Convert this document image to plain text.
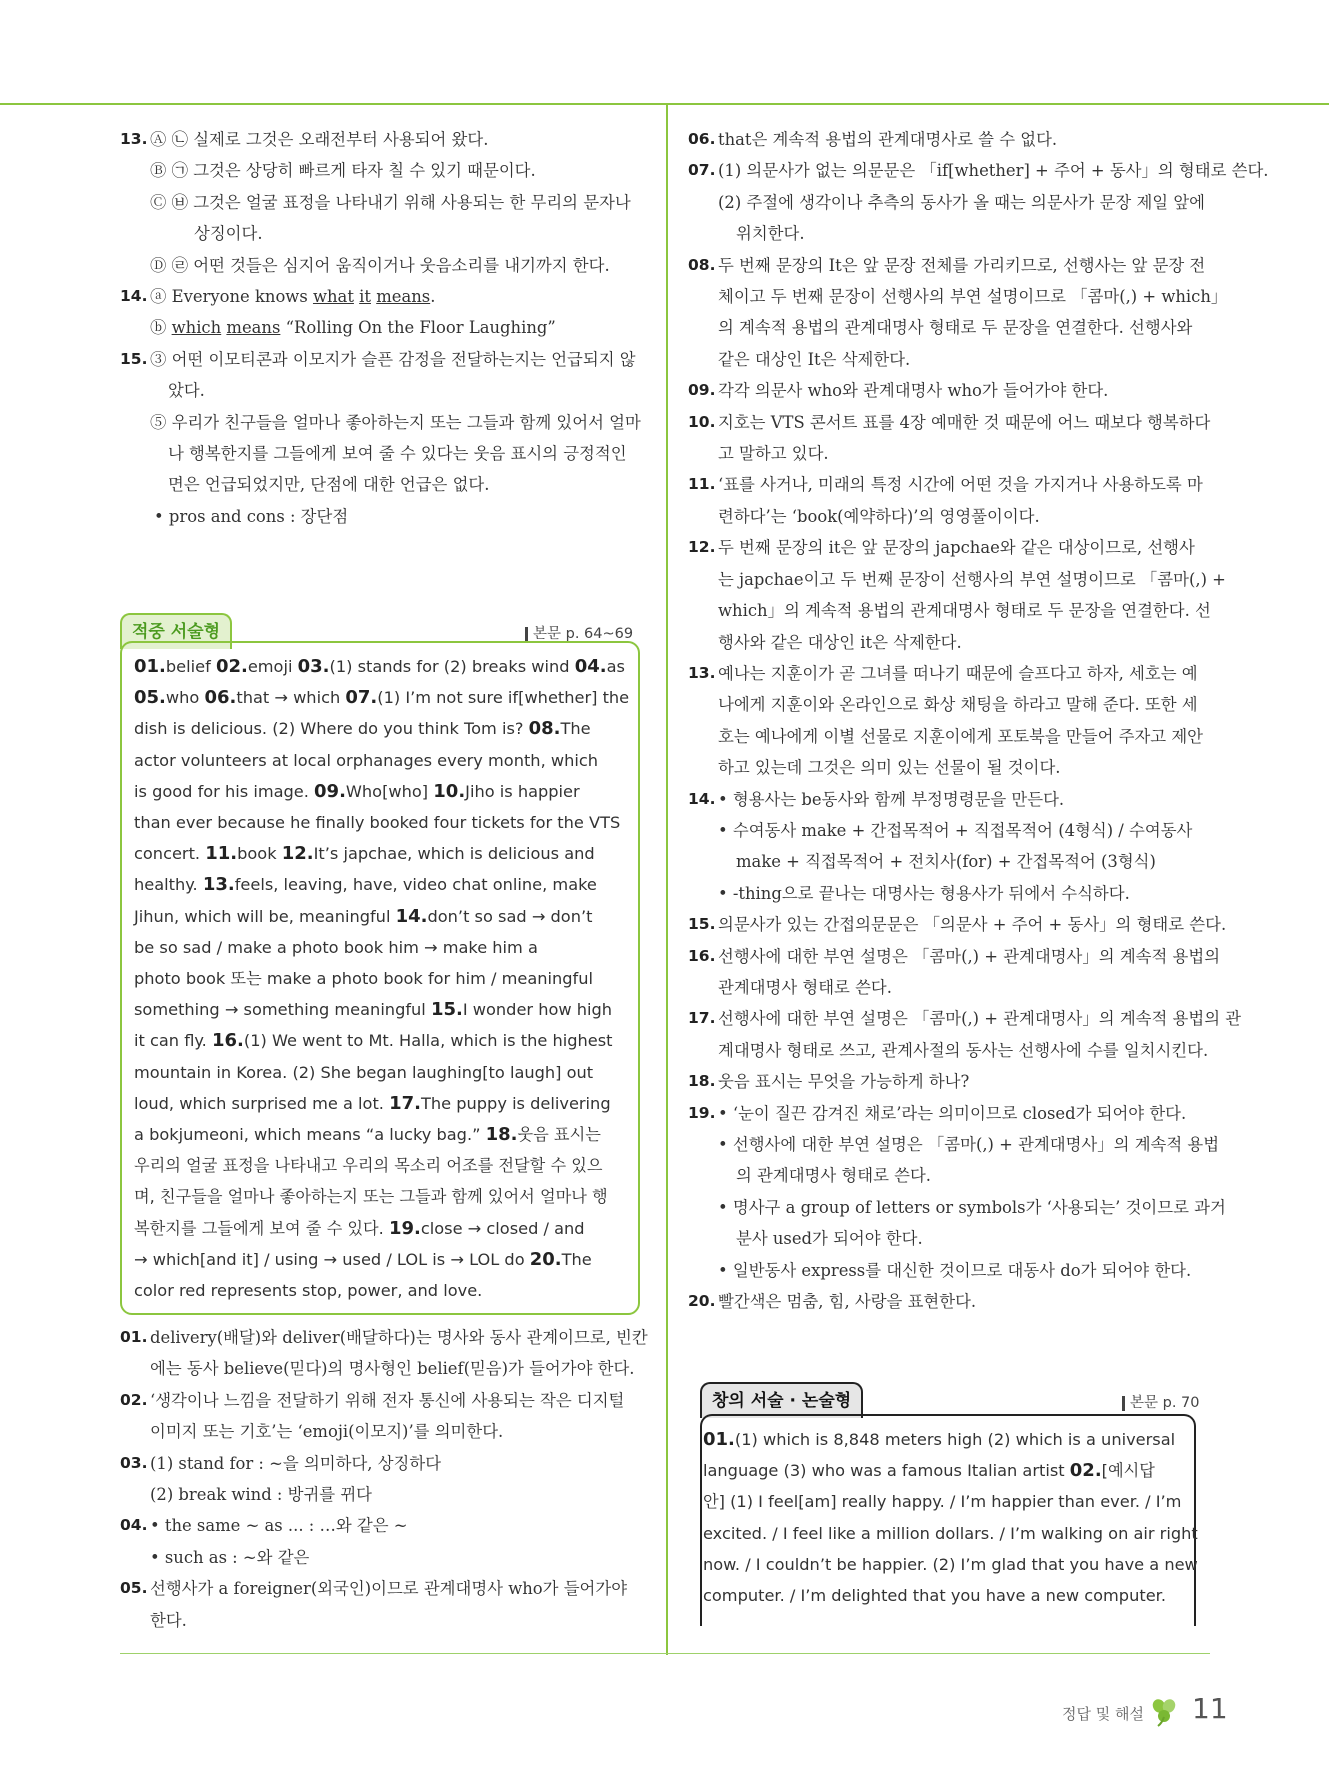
13. Ⓐ ㉡ 실제로 그것은 오래전부터 사용되어 왔다.
Ⓑ ㉠ 그것은 상당히 빠르게 타자 칠 수 있기 때문이다.
Ⓒ ㉥ 그것은 얼굴 표정을 나타내기 위해 사용되는 한 무리의 문자나
상징이다.
Ⓓ ㉣ 어떤 것들은 심지어 움직이거나 웃음소리를 내기까지 한다.
14. ⓐ Everyone knows what it means.
ⓑ which means “Rolling On the Floor Laughing”
15. ③ 어떤 이모티콘과 이모지가 슬픈 감정을 전달하는지는 언급되지 않
았다.
⑤ 우리가 친구들을 얼마나 좋아하는지 또는 그들과 함께 있어서 얼마
나 행복한지를 그들에게 보여 줄 수 있다는 웃음 표시의 긍정적인
면은 언급되었지만, 단점에 대한 언급은 없다.
• pros and cons : 장단점
적중 서술형	본문 p. 64~69
01.belief 02.emoji 03.(1) stands for (2) breaks wind 04.as
05.who 06.that → which 07.(1) I’m not sure if[whether] the
dish is delicious. (2) Where do you think Tom is? 08.The
actor volunteers at local orphanages every month, which
is good for his image. 09.Who[who] 10.Jiho is happier
than ever because he finally booked four tickets for the VTS
concert. 11.book 12.It’s japchae, which is delicious and
healthy. 13.feels, leaving, have, video chat online, make
Jihun, which will be, meaningful 14.don’t so sad → don’t
be so sad / make a photo book him → make him a
photo book 또는 make a photo book for him / meaningful
something → something meaningful 15.I wonder how high
it can fly. 16.(1) We went to Mt. Halla, which is the highest
mountain in Korea. (2) She began laughing[to laugh] out
loud, which surprised me a lot. 17.The puppy is delivering
a bokjumeoni, which means “a lucky bag.” 18.웃음 표시는
우리의 얼굴 표정을 나타내고 우리의 목소리 어조를 전달할 수 있으
며, 친구들을 얼마나 좋아하는지 또는 그들과 함께 있어서 얼마나 행
복한지를 그들에게 보여 줄 수 있다. 19.close → closed / and
→ which[and it] / using → used / LOL is → LOL do 20.The
color red represents stop, power, and love.
01. delivery(배달)와 deliver(배달하다)는 명사와 동사 관계이므로, 빈칸
에는 동사 believe(믿다)의 명사형인 belief(믿음)가 들어가야 한다.
02. ‘생각이나 느낌을 전달하기 위해 전자 통신에 사용되는 작은 디지털
이미지 또는 기호’는 ‘emoji(이모지)’를 의미한다.
03. (1) stand for : ~을 의미하다, 상징하다
(2) break wind : 방귀를 뀌다
04. • the same ~ as ... : …와 같은 ~
• such as : ~와 같은
05. 선행사가 a foreigner(외국인)이므로 관계대명사 who가 들어가야
한다.
06. that은 계속적 용법의 관계대명사로 쓸 수 없다.
07. (1) 의문사가 없는 의문문은 「if[whether] + 주어 + 동사」의 형태로 쓴다.
(2) 주절에 생각이나 추측의 동사가 올 때는 의문사가 문장 제일 앞에
위치한다.
08. 두 번째 문장의 It은 앞 문장 전체를 가리키므로, 선행사는 앞 문장 전
체이고 두 번째 문장이 선행사의 부연 설명이므로 「콤마(,) + which」
의 계속적 용법의 관계대명사 형태로 두 문장을 연결한다. 선행사와
같은 대상인 It은 삭제한다.
09. 각각 의문사 who와 관계대명사 who가 들어가야 한다.
10. 지호는 VTS 콘서트 표를 4장 예매한 것 때문에 어느 때보다 행복하다
고 말하고 있다.
11. ‘표를 사거나, 미래의 특정 시간에 어떤 것을 가지거나 사용하도록 마
련하다’는 ‘book(예약하다)’의 영영풀이이다.
12. 두 번째 문장의 it은 앞 문장의 japchae와 같은 대상이므로, 선행사
는 japchae이고 두 번째 문장이 선행사의 부연 설명이므로 「콤마(,) +
which」의 계속적 용법의 관계대명사 형태로 두 문장을 연결한다. 선
행사와 같은 대상인 it은 삭제한다.
13. 예나는 지훈이가 곧 그녀를 떠나기 때문에 슬프다고 하자, 세호는 예
나에게 지훈이와 온라인으로 화상 채팅을 하라고 말해 준다. 또한 세
호는 예나에게 이별 선물로 지훈이에게 포토북을 만들어 주자고 제안
하고 있는데 그것은 의미 있는 선물이 될 것이다.
14. • 형용사는 be동사와 함께 부정명령문을 만든다.
• 수여동사 make + 간접목적어 + 직접목적어 (4형식) / 수여동사
make + 직접목적어 + 전치사(for) + 간접목적어 (3형식)
• -thing으로 끝나는 대명사는 형용사가 뒤에서 수식하다.
15. 의문사가 있는 간접의문문은 「의문사 + 주어 + 동사」의 형태로 쓴다.
16. 선행사에 대한 부연 설명은 「콤마(,) + 관계대명사」의 계속적 용법의
관계대명사 형태로 쓴다.
17. 선행사에 대한 부연 설명은 「콤마(,) + 관계대명사」의 계속적 용법의 관
계대명사 형태로 쓰고, 관계사절의 동사는 선행사에 수를 일치시킨다.
18. 웃음 표시는 무엇을 가능하게 하나?
19. • ‘눈이 질끈 감겨진 채로’라는 의미이므로 closed가 되어야 한다.
• 선행사에 대한 부연 설명은 「콤마(,) + 관계대명사」의 계속적 용법
의 관계대명사 형태로 쓴다.
• 명사구 a group of letters or symbols가 ‘사용되는’ 것이므로 과거
분사 used가 되어야 한다.
• 일반동사 express를 대신한 것이므로 대동사 do가 되어야 한다.
20. 빨간색은 멈춤, 힘, 사랑을 표현한다.
창의 서술 · 논술형	본문 p. 70
01.(1) which is 8,848 meters high (2) which is a universal
language (3) who was a famous Italian artist 02.[예시답
안] (1) I feel[am] really happy. / I’m happier than ever. / I’m
excited. / I feel like a million dollars. / I’m walking on air right
now. / I couldn’t be happier. (2) I’m glad that you have a new
computer. / I’m delighted that you have a new computer.
정답 및 해설 11
